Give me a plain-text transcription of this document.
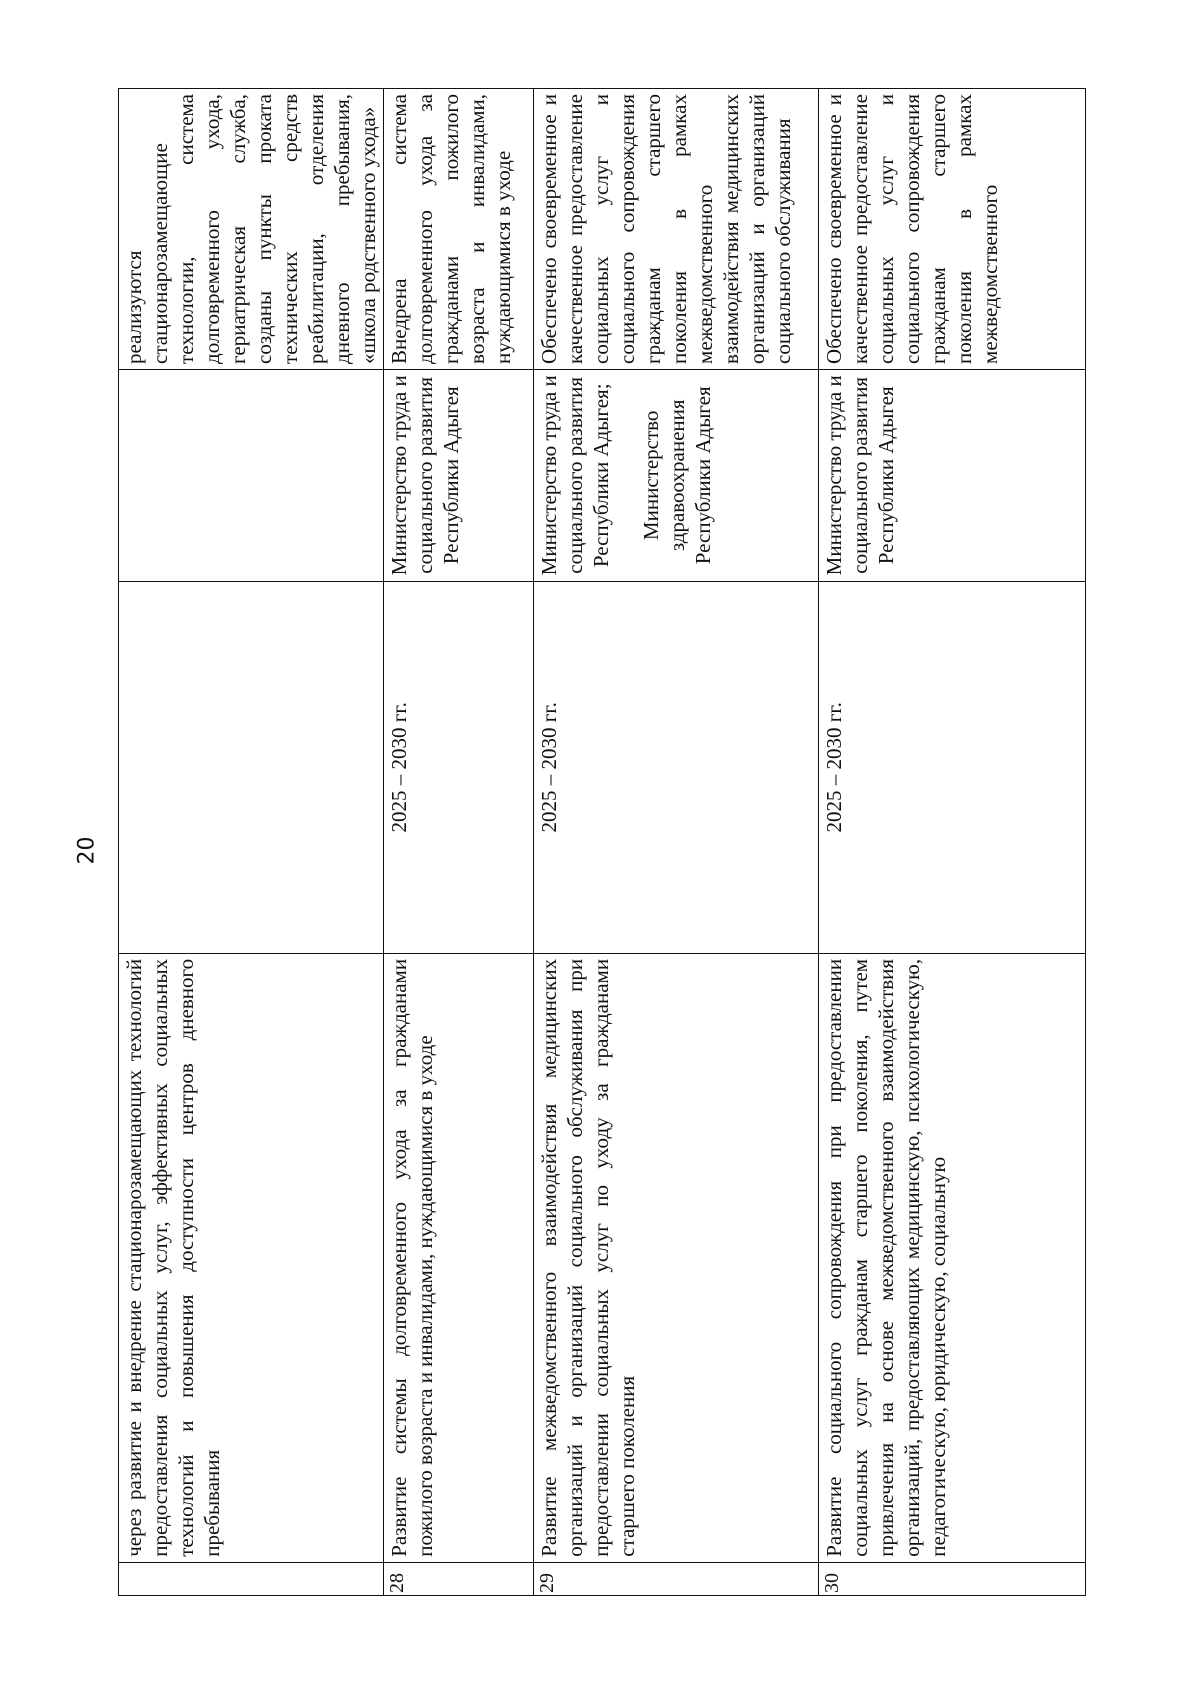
20
	через развитие и внедрение стационарозамещающих технологий предоставления социальных услуг, эффективных социальных технологий и повышения доступности центров дневного пребывания			реализуются стационарозамещающие технологии, система долговременного ухода, гериатрическая служба, созданы пункты проката технических средств реабилитации, отделения дневного пребывания, «школа родственного ухода»
28	Развитие системы долговременного ухода за гражданами пожилого возраста и инвалидами, нуждающимися в уходе	2025 – 2030 гг.	Министерство труда и социального развития Республики Адыгея	Внедрена система долговременного ухода за гражданами пожилого возраста и инвалидами, нуждающимися в уходе
29	Развитие межведомственного взаимодействия медицинских организаций и организаций социального обслуживания при предоставлении социальных услуг по уходу за гражданами старшего поколения	2025 – 2030 гг.	Министерство труда и социального развития Республики Адыгея; Министерство здравоохранения Республики Адыгея	Обеспечено своевременное и качественное предоставление социальных услуг и социального сопровождения гражданам старшего поколения в рамках межведомственного взаимодействия медицинских организаций и организаций социального обслуживания
30	Развитие социального сопровождения при предоставлении социальных услуг гражданам старшего поколения, путем привлечения на основе межведомственного взаимодействия организаций, предоставляющих медицинскую, психологическую, педагогическую, юридическую, социальную	2025 – 2030 гг.	Министерство труда и социального развития Республики Адыгея	Обеспечено своевременное и качественное предоставление социальных услуг и социального сопровождения гражданам старшего поколения в рамках межведомственного
